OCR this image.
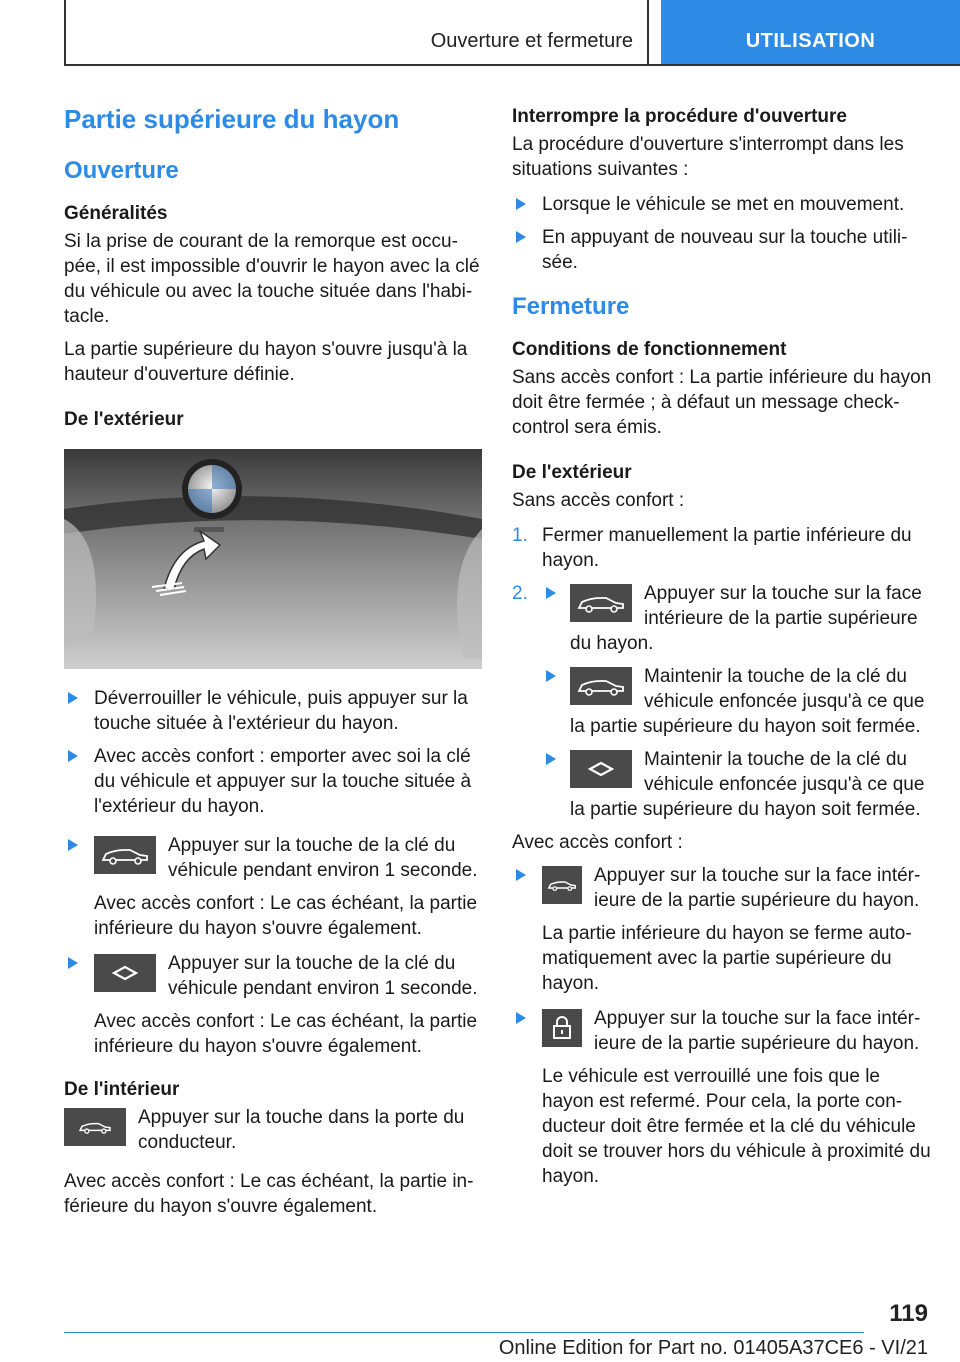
Ouverture et fermeture	UTILISATION
Partie supérieure du hayon
Ouverture
Généralités

Si la prise de courant de la remorque est occu-pée, il est impossible d'ouvrir le hayon avec la clé du véhicule ou avec la touche située dans l'habi-tacle.

La partie supérieure du hayon s'ouvre jusqu'à la hauteur d'ouverture définie.

De l'extérieur
Déverrouiller le véhicule, puis appuyer sur la touche située à l'extérieur du hayon.
Avec accès confort : emporter avec soi la clé du véhicule et appuyer sur la touche située à l'extérieur du hayon.
Appuyer sur la touche de la clé du véhicule pendant environ 1 seconde.
Avec accès confort : Le cas échéant, la partie inférieure du hayon s'ouvre également.
Appuyer sur la touche de la clé du véhicule pendant environ 1 seconde.
Avec accès confort : Le cas échéant, la partie inférieure du hayon s'ouvre également.
De l'intérieur
Appuyer sur la touche dans la porte du conducteur.

Avec accès confort : Le cas échéant, la partie in-férieure du hayon s'ouvre également.

Interrompre la procédure d'ouverture

La procédure d'ouverture s'interrompt dans les situations suivantes :

Lorsque le véhicule se met en mouvement.
En appuyant de nouveau sur la touche utili-sée.
Fermeture
Conditions de fonctionnement

Sans accès confort : La partie inférieure du hayon doit être fermée ; à défaut un message check-control sera émis.

De l'extérieur

Sans accès confort :

1. Fermer manuellement la partie inférieure du hayon.
2.	Appuyer sur la touche sur la face intérieure de la partie supérieure du hayon.
Maintenir la touche de la clé du véhicule enfoncée jusqu'à ce que la partie supérieure du hayon soit fermée.
Maintenir la touche de la clé du véhicule enfoncée jusqu'à ce que la partie supérieure du hayon soit fermée.

Avec accès confort :

Appuyer sur la touche sur la face intér-ieure de la partie supérieure du hayon.
La partie inférieure du hayon se ferme auto-matiquement avec la partie supérieure du hayon.
Appuyer sur la touche sur la face intér-ieure de la partie supérieure du hayon.
Le véhicule est verrouillé une fois que le hayon est refermé. Pour cela, la porte con-ducteur doit être fermée et la clé du véhicule doit se trouver hors du véhicule à proximité du hayon.
119
Online Edition for Part no. 01405A37CE6 - VI/21
